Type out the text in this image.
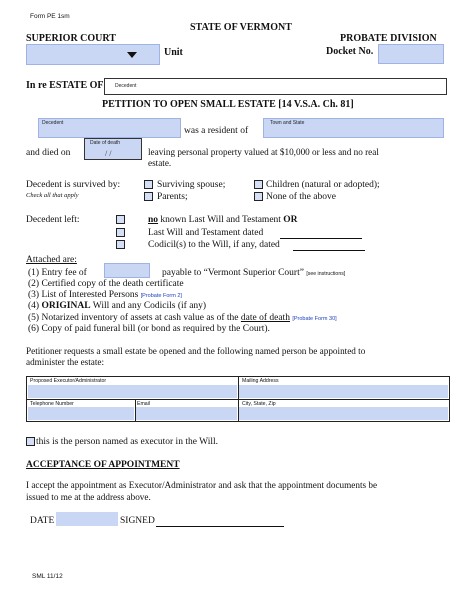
Form PE 1sm
STATE OF VERMONT
SUPERIOR COURT	PROBATE DIVISION
Unit	Docket No.
In re ESTATE OF Decedent
PETITION TO OPEN SMALL ESTATE [14 V.S.A. Ch. 81]
Decedent
was a resident of
Town and State
and died on
Date of death
/ /	leaving personal property valued at $10,000 or less and no real
estate.
Decedent is survived by:
Check all that apply
Surviving spouse;
Parents;
Children (natural or adopted);
None of the above
Decedent left:	no known Last Will and Testament OR
Last Will and Testament dated
Codicil(s) to the Will, if any, dated
Attached are:
(1) Entry fee of	payable to “Vermont Superior Court” [see instructions]
(2) Certified copy of the death certificate
(3) List of Interested Persons [Probate Form 2]
(4) ORIGINAL Will and any Codicils (if any)
(5) Notarized inventory of assets at cash value as of the date of death [Probate Form 30]
(6) Copy of paid funeral bill (or bond as required by the Court).
Petitioner requests a small estate be opened and the following named person be appointed to
administer the estate:
Proposed Executor/Administrator	Mailing Address
Telephone Number	Email	City, State, Zip
this is the person named as executor in the Will.
ACCEPTANCE OF APPOINTMENT
I accept the appointment as Executor/Administrator and ask that the appointment documents be
issued to me at the address above.
DATE	SIGNED
SML 11/12
